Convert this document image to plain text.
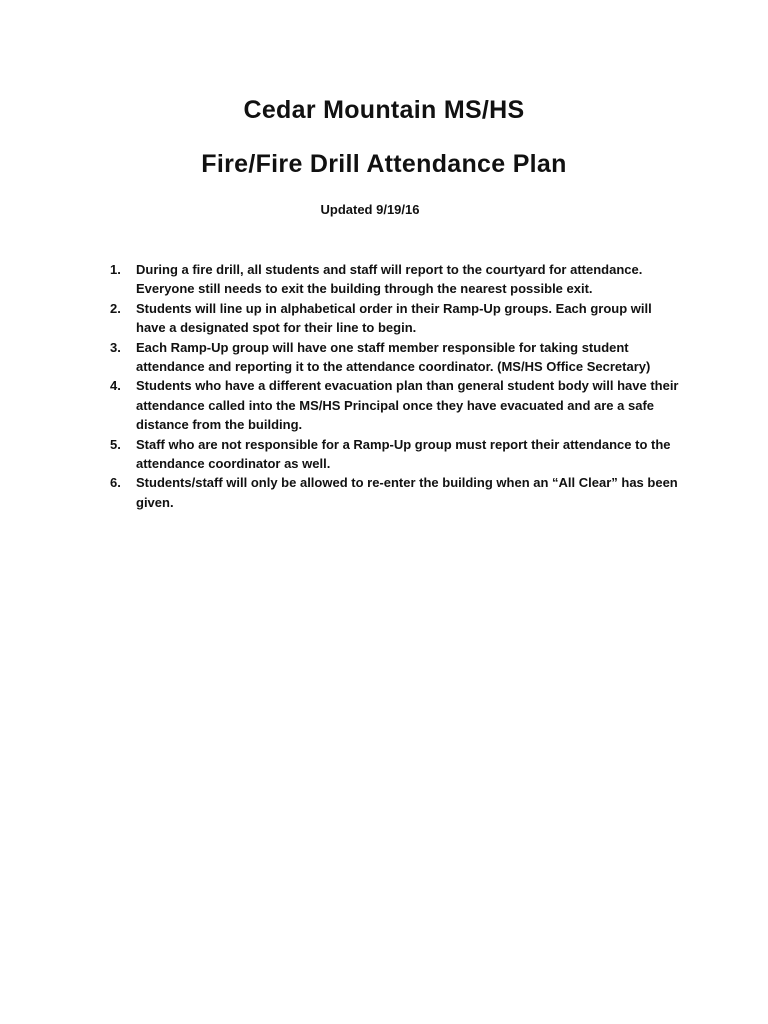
Cedar Mountain MS/HS
Fire/Fire Drill Attendance Plan
Updated 9/19/16
1. During a fire drill, all students and staff will report to the courtyard for attendance. Everyone still needs to exit the building through the nearest possible exit.
2. Students will line up in alphabetical order in their Ramp-Up groups. Each group will have a designated spot for their line to begin.
3. Each Ramp-Up group will have one staff member responsible for taking student attendance and reporting it to the attendance coordinator. (MS/HS Office Secretary)
4. Students who have a different evacuation plan than general student body will have their attendance called into the MS/HS Principal once they have evacuated and are a safe distance from the building.
5. Staff who are not responsible for a Ramp-Up group must report their attendance to the attendance coordinator as well.
6. Students/staff will only be allowed to re-enter the building when an “All Clear” has been given.
